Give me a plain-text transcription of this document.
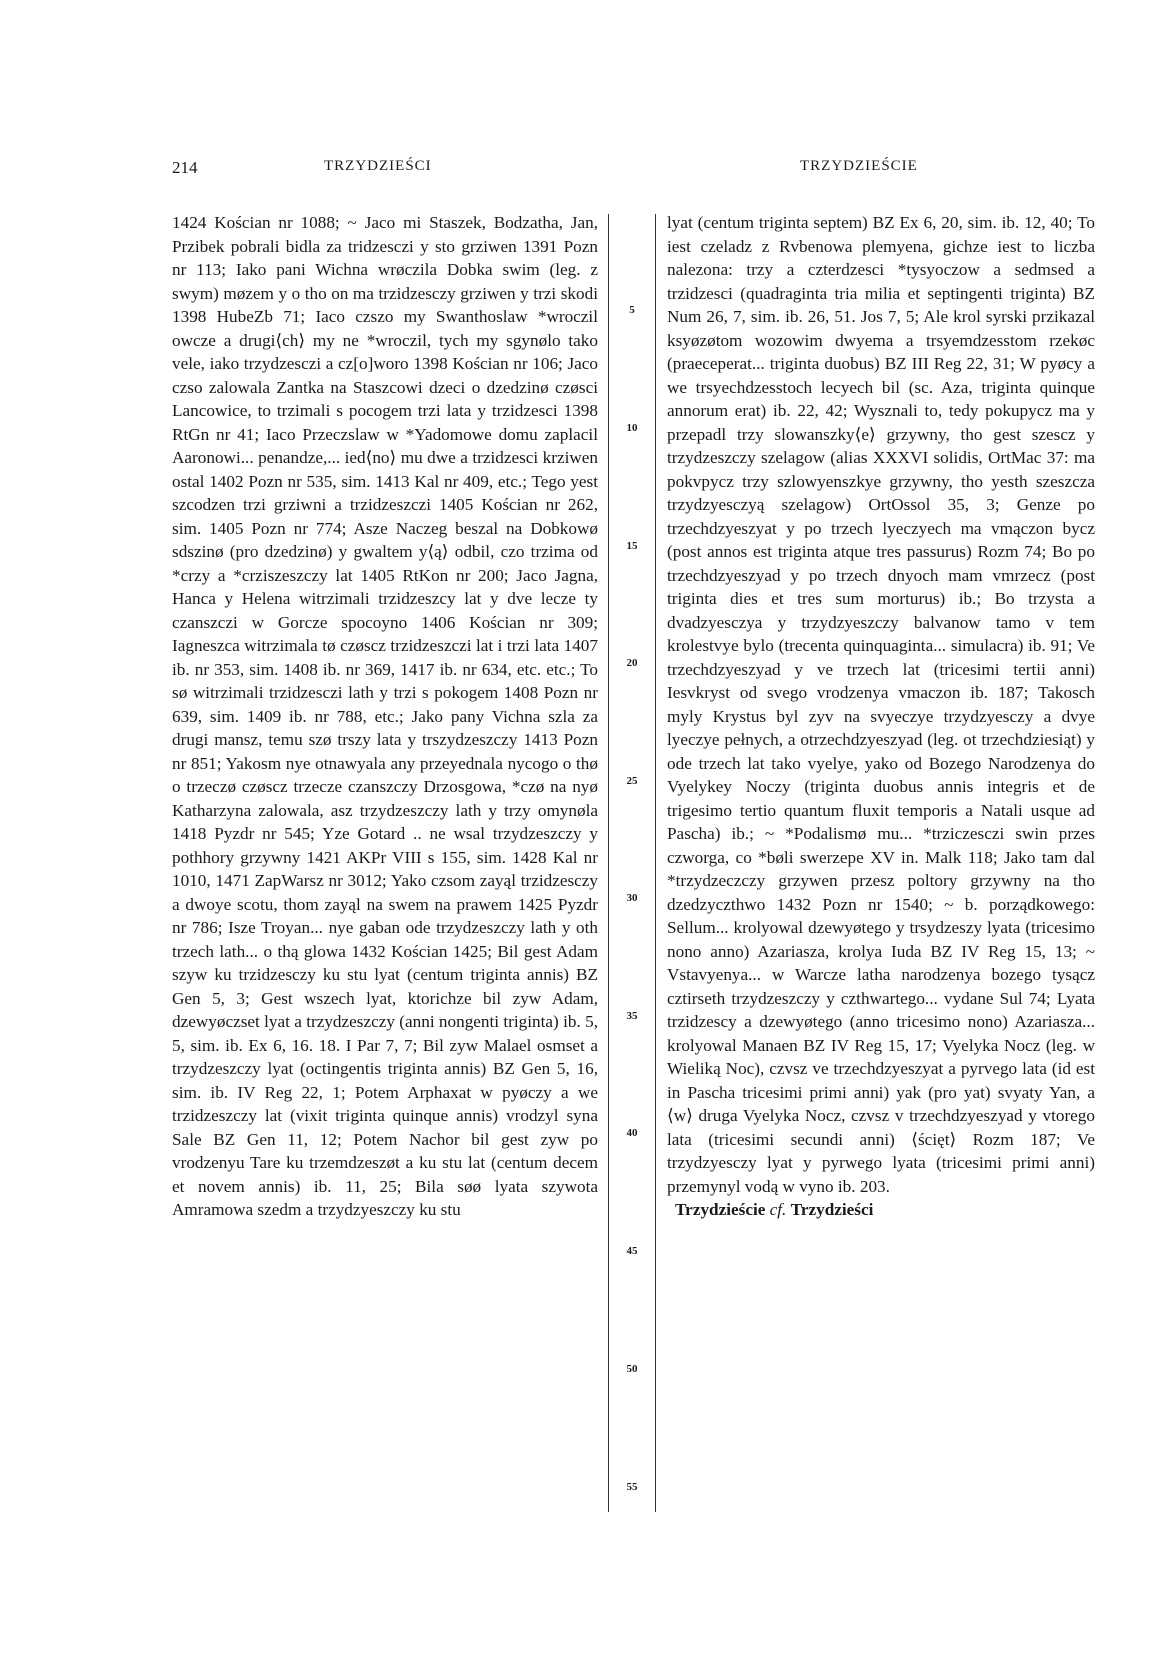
214	TRZYDZIEŚCI	TRZYDZIEŚCIE

1424 Kościan nr 1088; ~ Jaco mi Staszek, Bodzatha, Jan, Przibek pobrali bidla za tridzesczi y sto grziwen 1391 Pozn nr 113; Iako pani Wichna wrøczila Dobka swim (leg. z swym) møzem y o tho on ma trzidzesczy grziwen y trzi skodi 1398 HubeZb 71; Iaco czszo my Swanthoslaw *wroczil owcze a drugi⟨ch⟩ my ne *wroczil, tych my sgynølo tako vele, iako trzydzesczi a cz[o]woro 1398 Kościan nr 106; Jaco czso zalowala Zantka na Staszcowi dzeci o dzedzinø czøsci Lancowice, to trzimali s pocogem trzi lata y trzidzesci 1398 RtGn nr 41; Iaco Przeczslaw w *Yadomowe domu zaplacil Aaronowi... penandze,... ied⟨no⟩ mu dwe a trzidzesci krziwen ostal 1402 Pozn nr 535, sim. 1413 Kal nr 409, etc.; Tego yest szcodzen trzi grziwni a trzidzeszczi 1405 Kościan nr 262, sim. 1405 Pozn nr 774; Asze Naczeg beszal na Dobkowø sdszinø (pro dzedzinø) y gwaltem y⟨ą⟩ odbil, czo trzima od *crzy a *crziszeszczy lat 1405 RtKon nr 200; Jaco Jagna, Hanca y Helena witrzimali trzidzeszcy lat y dve lecze ty czanszczi w Gorcze spocoyno 1406 Kościan nr 309; Iagneszca witrzimala tø czøscz trzidzeszczi lat i trzi lata 1407 ib. nr 353, sim. 1408 ib. nr 369, 1417 ib. nr 634, etc. etc.; To sø witrzimali trzidzesczi lath y trzi s pokogem 1408 Pozn nr 639, sim. 1409 ib. nr 788, etc.; Jako pany Vichna szla za drugi mansz, temu szø trszy lata y trszydzeszczy 1413 Pozn nr 851; Yakosm nye otnawyala any przeyednala nycogo o thø o trzeczø czøscz trzecze czanszczy Drzosgowa, *czø na nyø Katharzyna zalowala, asz trzydzeszczy lath y trzy omynøla 1418 Pyzdr nr 545; Yze Gotard .. ne wsal trzydzeszczy y pothhory grzywny 1421 AKPr VIII s 155, sim. 1428 Kal nr 1010, 1471 ZapWarsz nr 3012; Yako czsom zayąl trzidzesczy a dwoye scotu, thom zayąl na swem na prawem 1425 Pyzdr nr 786; Isze Troyan... nye gaban ode trzydzeszczy lath y oth trzech lath... o thą glowa 1432 Kościan 1425; Bil gest Adam szyw ku trzidzesczy ku stu lyat (centum triginta annis) BZ Gen 5, 3; Gest wszech lyat, ktorichze bil zyw Adam, dzewyøczset lyat a trzydzeszczy (anni nongenti triginta) ib. 5, 5, sim. ib. Ex 6, 16. 18. I Par 7, 7; Bil zyw Malael osmset a trzydzeszczy lyat (octingentis triginta annis) BZ Gen 5, 16, sim. ib. IV Reg 22, 1; Potem Arphaxat w pyøczy a we trzidzeszczy lat (vixit triginta quinque annis) vrodzyl syna Sale BZ Gen 11, 12; Potem Nachor bil gest zyw po vrodzenyu Tare ku trzemdzeszøt a ku stu lat (centum decem et novem annis) ib. 11, 25; Bila søø lyata szywota Amramowa szedm a trzydzyeszczy ku stu

5
10
15
20
25
30
35
40
45
50
55

lyat (centum triginta septem) BZ Ex 6, 20, sim. ib. 12, 40; To iest czeladz z Rvbenowa plemyena, gichze iest to liczba nalezona: trzy a czterdzesci *tysyoczow a sedmsed a trzidzesci (quadraginta tria milia et septingenti triginta) BZ Num 26, 7, sim. ib. 26, 51. Jos 7, 5; Ale krol syrski przikazal ksyøzøtom wozowim dwyema a trsyemdzesstom rzekøc (praeceperat... triginta duobus) BZ III Reg 22, 31; W pyøcy a we trsyechdzesstoch lecyech bil (sc. Aza, triginta quinque annorum erat) ib. 22, 42; Wysznali to, tedy pokupycz ma y przepadl trzy slowanszky⟨e⟩ grzywny, tho gest szescz y trzydzeszczy szelagow (alias XXXVI solidis, OrtMac 37: ma pokvpycz trzy szlowyenszkye grzywny, tho yesth szeszcza trzydzyesczyą szelagow) OrtOssol 35, 3; Genze po trzechdzyeszyat y po trzech lyeczyech ma vmączon bycz (post annos est triginta atque tres passurus) Rozm 74; Bo po trzechdzyeszyad y po trzech dnyoch mam vmrzecz (post triginta dies et tres sum morturus) ib.; Bo trzysta a dvadzyesczya y trzydzyeszczy balvanow tamo v tem krolestvye bylo (trecenta quinquaginta... simulacra) ib. 91; Ve trzechdzyeszyad y ve trzech lat (tricesimi tertii anni) Iesvkryst od svego vrodzenya vmaczon ib. 187; Takosch myly Krystus byl zyv na svyeczye trzydzyesczy a dvye lyeczye pełnych, a otrzechdzyeszyad (leg. ot trzechdziesiąt) y ode trzech lat tako vyelye, yako od Bozego Narodzenya do Vyelykey Noczy (triginta duobus annis integris et de trigesimo tertio quantum fluxit temporis a Natali usque ad Pascha) ib.; ~ *Podalismø mu... *trziczesczi swin przes czworga, co *bøli swerzepe XV in. Malk 118; Jako tam dal *trzydzeczczy grzywen przesz poltory grzywny na tho dzedzyczthwo 1432 Pozn nr 1540; ~ b. porządkowego: Sellum... krolyowal dzewyøtego y trsydzeszy lyata (tricesimo nono anno) Azariasza, krolya Iuda BZ IV Reg 15, 13; ~ Vstavyenya... w Warcze latha narodzenya bozego tysącz cztirseth trzydzeszczy y czthwartego... vydane Sul 74; Lyata trzidzescy a dzewyøtego (anno tricesimo nono) Azariasza... krolyowal Manaen BZ IV Reg 15, 17; Vyelyka Nocz (leg. w Wieliką Noc), czvsz ve trzechdzyeszyat a pyrvego lata (id est in Pascha tricesimi primi anni) yak (pro yat) svyaty Yan, a ⟨w⟩ druga Vyelyka Nocz, czvsz v trzechdzyeszyad y vtorego lata (tricesimi secundi anni) ⟨ścięt⟩ Rozm 187; Ve trzydzyesczy lyat y pyrwego lyata (tricesimi primi anni) przemynyl vodą w vyno ib. 203.

Trzydzieście cf. Trzydzieści
